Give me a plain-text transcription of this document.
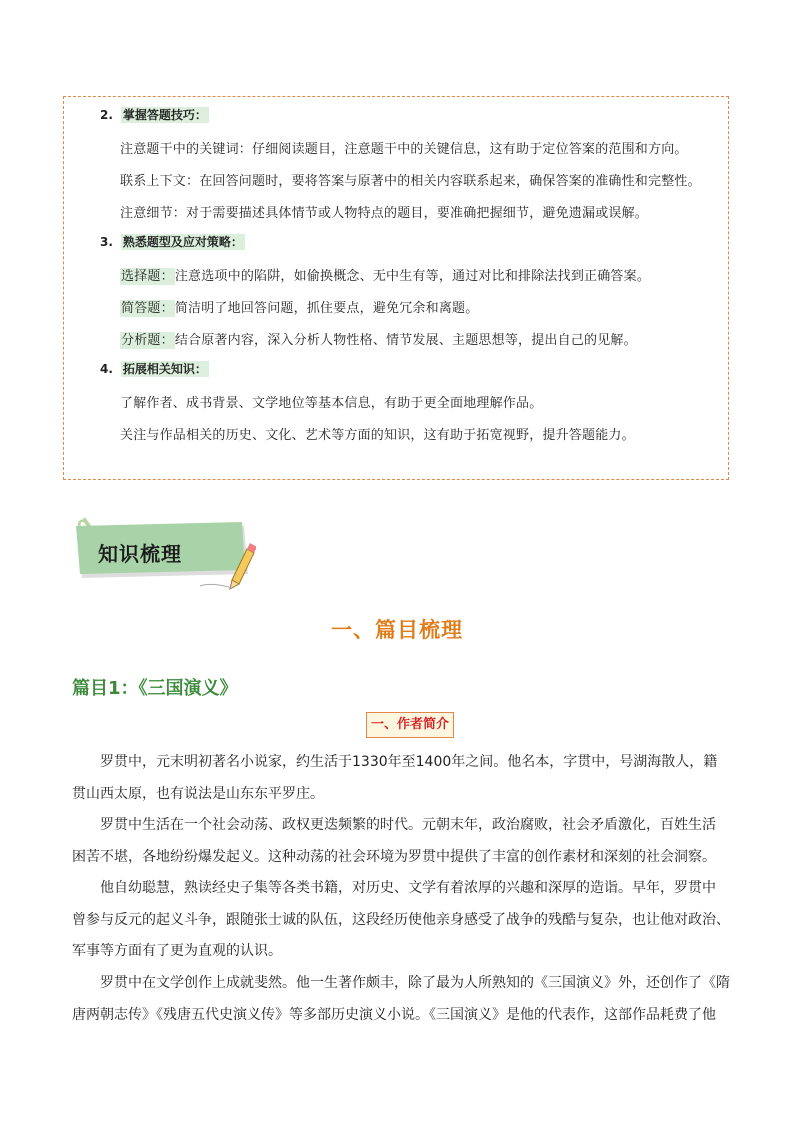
2. 掌握答题技巧：
注意题干中的关键词：仔细阅读题目，注意题干中的关键信息，这有助于定位答案的范围和方向。
联系上下文：在回答问题时，要将答案与原著中的相关内容联系起来，确保答案的准确性和完整性。
注意细节：对于需要描述具体情节或人物特点的题目，要准确把握细节，避免遗漏或误解。
3. 熟悉题型及应对策略：
选择题：注意选项中的陷阱，如偷换概念、无中生有等，通过对比和排除法找到正确答案。
简答题：简洁明了地回答问题，抓住要点，避免冗余和离题。
分析题：结合原著内容，深入分析人物性格、情节发展、主题思想等，提出自己的见解。
4. 拓展相关知识：
了解作者、成书背景、文学地位等基本信息，有助于更全面地理解作品。
关注与作品相关的历史、文化、艺术等方面的知识，这有助于拓宽视野，提升答题能力。
知识梳理
一、篇目梳理
篇目1：《三国演义》
一、作者简介
罗贯中，元末明初著名小说家，约生活于1330年至1400年之间。他名本，字贯中，号湖海散人，籍
贯山西太原，也有说法是山东东平罗庄。
罗贯中生活在一个社会动荡、政权更迭频繁的时代。元朝末年，政治腐败，社会矛盾激化，百姓生活
困苦不堪，各地纷纷爆发起义。这种动荡的社会环境为罗贯中提供了丰富的创作素材和深刻的社会洞察。
他自幼聪慧，熟读经史子集等各类书籍，对历史、文学有着浓厚的兴趣和深厚的造诣。早年，罗贯中
曾参与反元的起义斗争，跟随张士诚的队伍，这段经历使他亲身感受了战争的残酷与复杂，也让他对政治、
军事等方面有了更为直观的认识。
罗贯中在文学创作上成就斐然。他一生著作颇丰，除了最为人所熟知的《三国演义》外，还创作了《隋
唐两朝志传》《残唐五代史演义传》等多部历史演义小说。《三国演义》是他的代表作，这部作品耗费了他
